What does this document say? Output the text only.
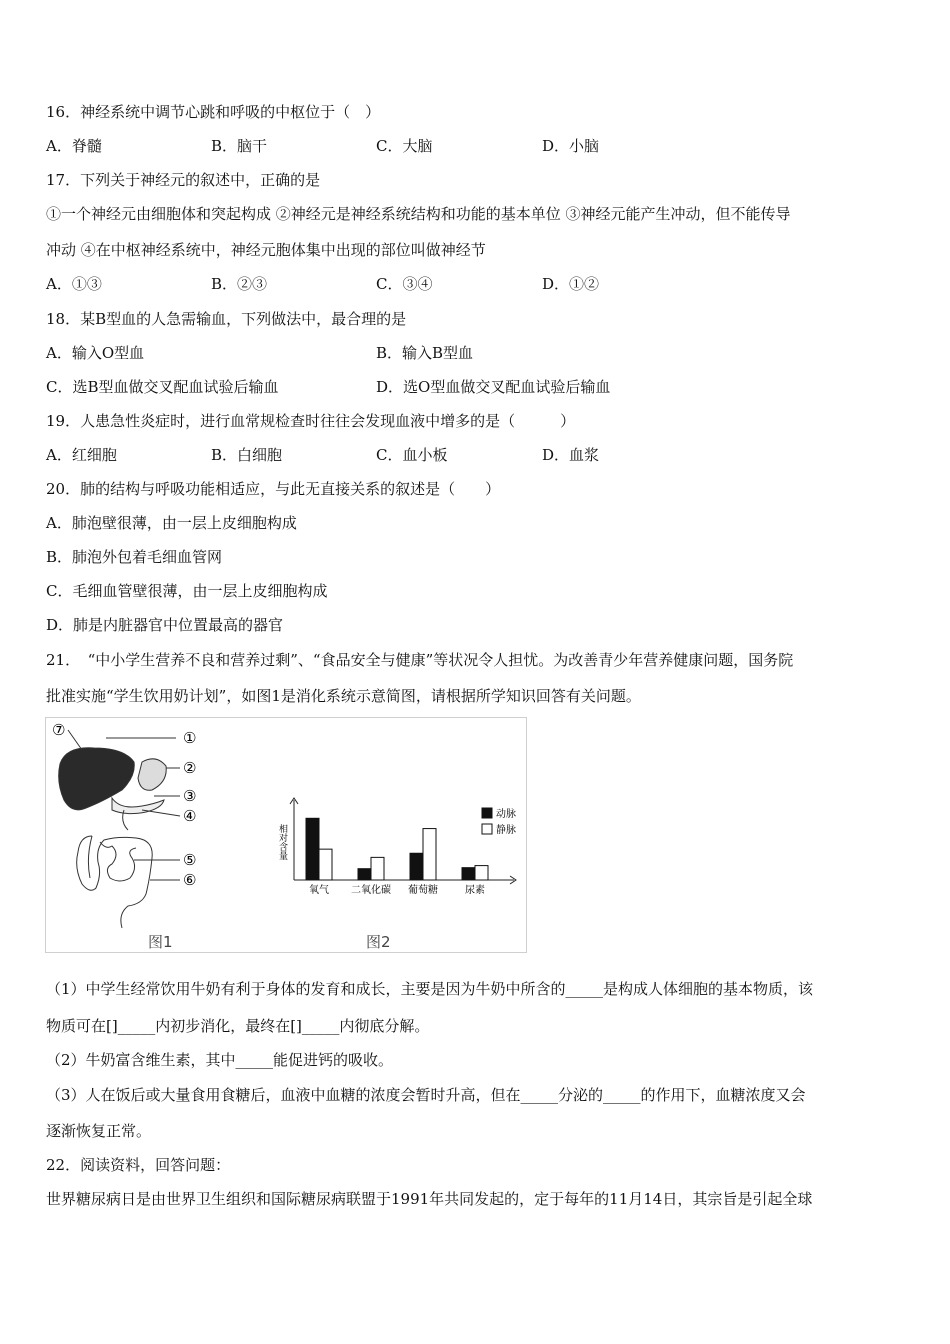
16．神经系统中调节心跳和呼吸的中枢位于（　）
A．脊髓	B．脑干	C．大脑	D．小脑
17．下列关于神经元的叙述中，正确的是
①一个神经元由细胞体和突起构成 ②神经元是神经系统结构和功能的基本单位 ③神经元能产生冲动，但不能传导
冲动 ④在中枢神经系统中，神经元胞体集中出现的部位叫做神经节
A．①③	B．②③	C．③④	D．①②
18．某B型血的人急需输血，下列做法中，最合理的是
A．输入O型血	B．输入B型血
C．选B型血做交叉配血试验后输血	D．选O型血做交叉配血试验后输血
19．人患急性炎症时，进行血常规检查时往往会发现血液中增多的是（　　　）
A．红细胞	B．白细胞	C．血小板	D．血浆
20．肺的结构与呼吸功能相适应，与此无直接关系的叙述是（　　）
A．肺泡壁很薄，由一层上皮细胞构成
B．肺泡外包着毛细血管网
C．毛细血管壁很薄，由一层上皮细胞构成
D．肺是内脏器官中位置最高的器官
21．　“中小学生营养不良和营养过剩”、“食品安全与健康”等状况令人担忧。为改善青少年营养健康问题，国务院
批准实施“学生饮用奶计划”，如图1是消化系统示意简图，请根据所学知识回答有关问题。
⑦	①
②
③
④
⑤
⑥
图1
相对含量
动脉
静脉
氧气 二氧化碳 葡萄糖	尿素
图2
（1）中学生经常饮用牛奶有利于身体的发育和成长，主要是因为牛奶中所含的_____是构成人体细胞的基本物质，该
物质可在[]_____内初步消化，最终在[]_____内彻底分解。
（2）牛奶富含维生素，其中_____能促进钙的吸收。
（3）人在饭后或大量食用食糖后，血液中血糖的浓度会暂时升高，但在_____分泌的_____的作用下，血糖浓度又会
逐渐恢复正常。
22．阅读资料，回答问题：
世界糖尿病日是由世界卫生组织和国际糖尿病联盟于1991年共同发起的，定于每年的11月14日，其宗旨是引起全球
